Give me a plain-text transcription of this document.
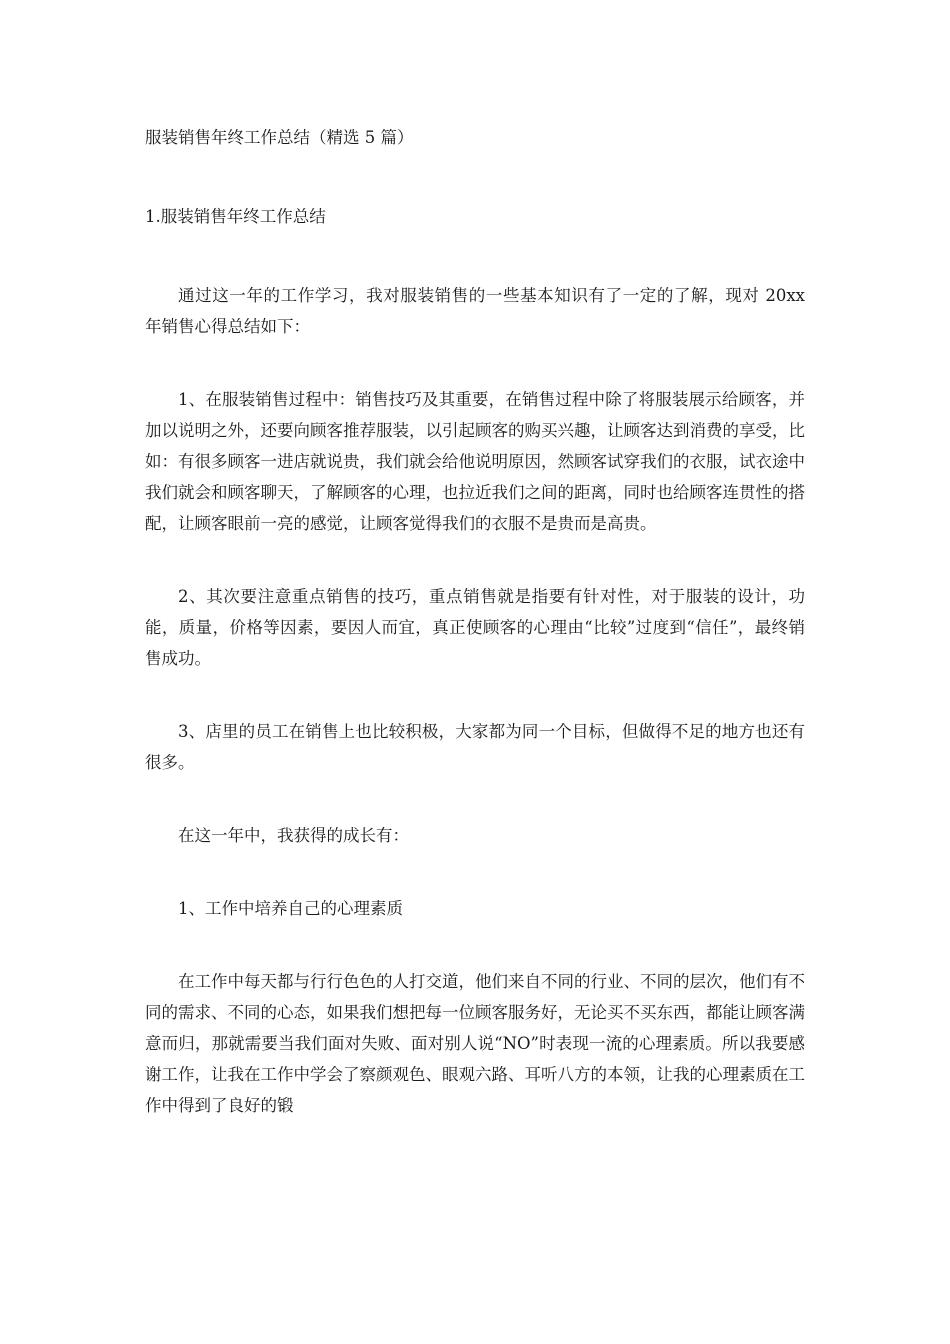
服装销售年终工作总结（精选 5 篇）

1.服装销售年终工作总结

通过这一年的工作学习，我对服装销售的一些基本知识有了一定的了解，现对 20xx 年销售心得总结如下：

1、在服装销售过程中：销售技巧及其重要，在销售过程中除了将服装展示给顾客，并加以说明之外，还要向顾客推荐服装，以引起顾客的购买兴趣，让顾客达到消费的享受，比如：有很多顾客一进店就说贵，我们就会给他说明原因，然顾客试穿我们的衣服，试衣途中我们就会和顾客聊天，了解顾客的心理，也拉近我们之间的距离，同时也给顾客连贯性的搭配，让顾客眼前一亮的感觉，让顾客觉得我们的衣服不是贵而是高贵。

2、其次要注意重点销售的技巧，重点销售就是指要有针对性，对于服装的设计，功能，质量，价格等因素，要因人而宜，真正使顾客的心理由“比较”过度到“信任”，最终销售成功。

3、店里的员工在销售上也比较积极，大家都为同一个目标，但做得不足的地方也还有很多。

在这一年中，我获得的成长有：

1、工作中培养自己的心理素质

在工作中每天都与行行色色的人打交道，他们来自不同的行业、不同的层次，他们有不同的需求、不同的心态，如果我们想把每一位顾客服务好，无论买不买东西，都能让顾客满意而归，那就需要当我们面对失败、面对别人说“NO”时表现一流的心理素质。所以我要感谢工作，让我在工作中学会了察颜观色、眼观六路、耳听八方的本领，让我的心理素质在工作中得到了良好的锻
